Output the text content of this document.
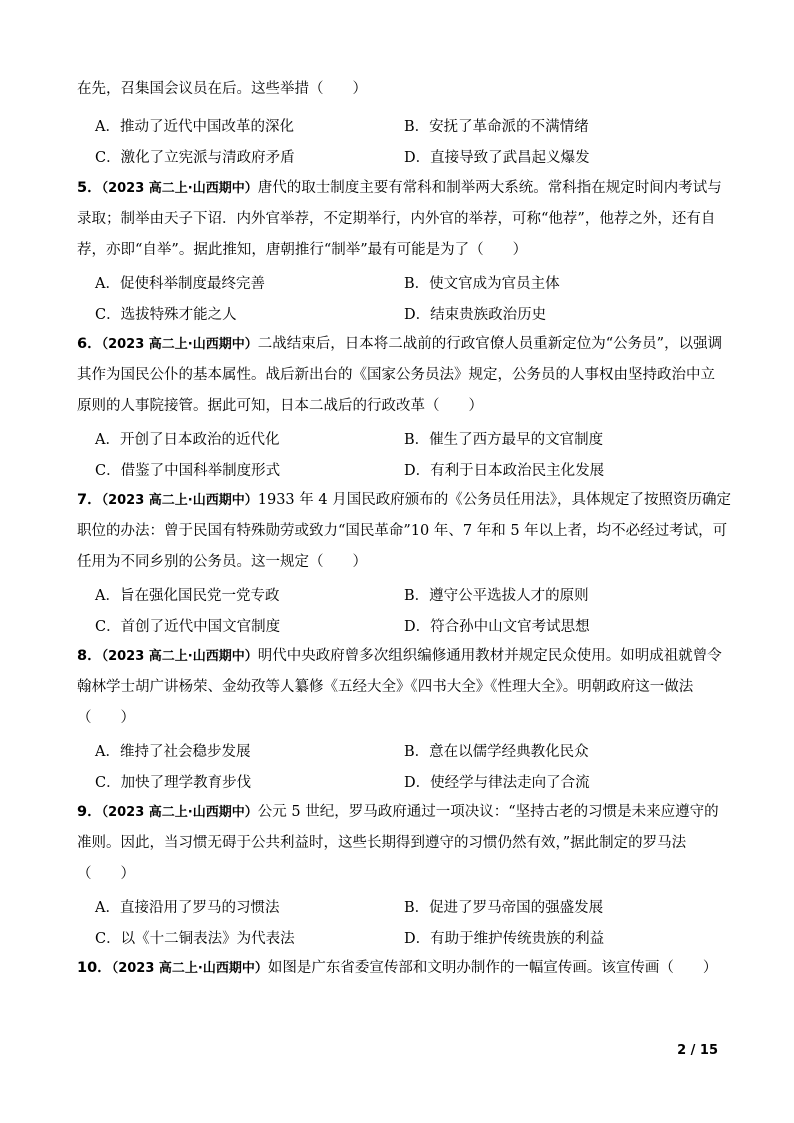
在先，召集国会议员在后。这些举措（　　）
A．推动了近代中国改革的深化	B．安抚了革命派的不满情绪
C．激化了立宪派与清政府矛盾	D．直接导致了武昌起义爆发
5．（2023 高二上·山西期中）唐代的取士制度主要有常科和制举两大系统。常科指在规定时间内考试与
录取；制举由天子下诏．内外官举荐，不定期举行，内外官的举荐，可称“他荐”，他荐之外，还有自
荐，亦即“自举”。据此推知，唐朝推行“制举”最有可能是为了（　　）
A．促使科举制度最终完善	B．使文官成为官员主体
C．选拔特殊才能之人	D．结束贵族政治历史
6．（2023 高二上·山西期中）二战结束后，日本将二战前的行政官僚人员重新定位为“公务员”，以强调
其作为国民公仆的基本属性。战后新出台的《国家公务员法》规定，公务员的人事权由坚持政治中立
原则的人事院接管。据此可知，日本二战后的行政改革（　　）
A．开创了日本政治的近代化	B．催生了西方最早的文官制度
C．借鉴了中国科举制度形式	D．有利于日本政治民主化发展
7．（2023 高二上·山西期中）1933 年 4 月国民政府颁布的《公务员任用法》，具体规定了按照资历确定
职位的办法：曾于民国有特殊勋劳或致力“国民革命”10 年、7 年和 5 年以上者，均不必经过考试，可
任用为不同乡别的公务员。这一规定（　　）
A．旨在强化国民党一党专政	B．遵守公平选拔人才的原则
C．首创了近代中国文官制度	D．符合孙中山文官考试思想
8．（2023 高二上·山西期中）明代中央政府曾多次组织编修通用教材并规定民众使用。如明成祖就曾令
翰林学士胡广讲杨荣、金幼孜等人纂修《五经大全》《四书大全》《性理大全》。明朝政府这一做法
（　　）
A．维持了社会稳步发展	B．意在以儒学经典教化民众
C．加快了理学教育步伐	D．使经学与律法走向了合流
9．（2023 高二上·山西期中）公元 5 世纪，罗马政府通过一项决议：“坚持古老的习惯是未来应遵守的
准则。因此，当习惯无碍于公共利益时，这些长期得到遵守的习惯仍然有效，”据此制定的罗马法
（　　）
A．直接沿用了罗马的习惯法	B．促进了罗马帝国的强盛发展
C．以《十二铜表法》为代表法	D．有助于维护传统贵族的利益
10．（2023 高二上·山西期中）如图是广东省委宣传部和文明办制作的一幅宣传画。该宣传画（　　）
2 / 15
